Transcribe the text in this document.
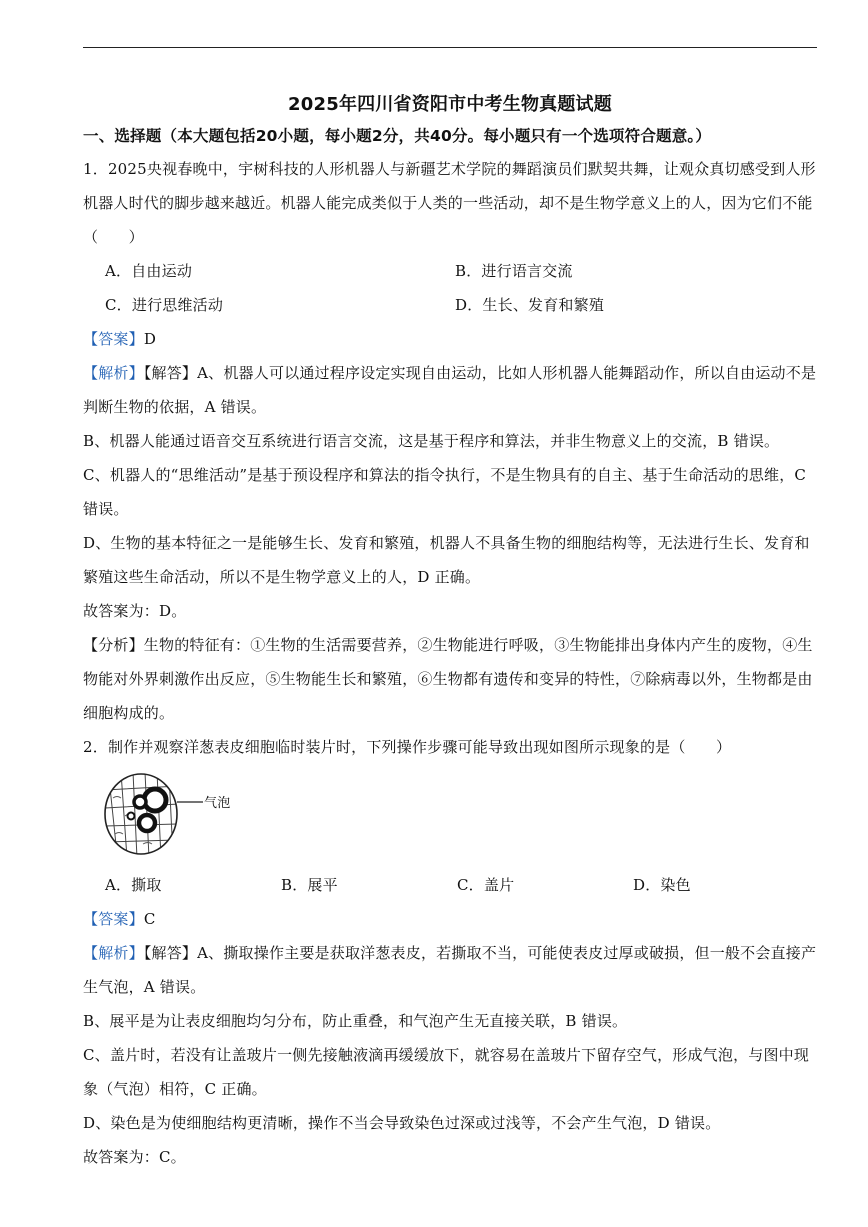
2025年四川省资阳市中考生物真题试题
一、选择题（本大题包括20小题，每小题2分，共40分。每小题只有一个选项符合题意。）

1．2025央视春晚中，宇树科技的人形机器人与新疆艺术学院的舞蹈演员们默契共舞，让观众真切感受到人形机器人时代的脚步越来越近。机器人能完成类似于人类的一些活动，却不是生物学意义上的人，因为它们不能（　　）

A．自由运动	B．进行语言交流
C．进行思维活动	D．生长、发育和繁殖

【答案】D

【解析】【解答】A、机器人可以通过程序设定实现自由运动，比如人形机器人能舞蹈动作，所以自由运动不是判断生物的依据，A 错误。

B、机器人能通过语音交互系统进行语言交流，这是基于程序和算法，并非生物意义上的交流，B 错误。

C、机器人的“思维活动”是基于预设程序和算法的指令执行，不是生物具有的自主、基于生命活动的思维，C 错误。

D、生物的基本特征之一是能够生长、发育和繁殖，机器人不具备生物的细胞结构等，无法进行生长、发育和繁殖这些生命活动，所以不是生物学意义上的人，D 正确。

故答案为：D。

【分析】生物的特征有：①生物的生活需要营养，②生物能进行呼吸，③生物能排出身体内产生的废物，④生物能对外界刺激作出反应，⑤生物能生长和繁殖，⑥生物都有遗传和变异的特性，⑦除病毒以外，生物都是由细胞构成的。

2．制作并观察洋葱表皮细胞临时装片时，下列操作步骤可能导致出现如图所示现象的是（　　）

气泡
A．撕取	B．展平	C．盖片	D．染色

【答案】C

【解析】【解答】A、撕取操作主要是获取洋葱表皮，若撕取不当，可能使表皮过厚或破损，但一般不会直接产生气泡，A 错误。

B、展平是为让表皮细胞均匀分布，防止重叠，和气泡产生无直接关联，B 错误。

C、盖片时，若没有让盖玻片一侧先接触液滴再缓缓放下，就容易在盖玻片下留存空气，形成气泡，与图中现象（气泡）相符，C 正确。

D、染色是为使细胞结构更清晰，操作不当会导致染色过深或过浅等，不会产生气泡，D 错误。

故答案为：C。
